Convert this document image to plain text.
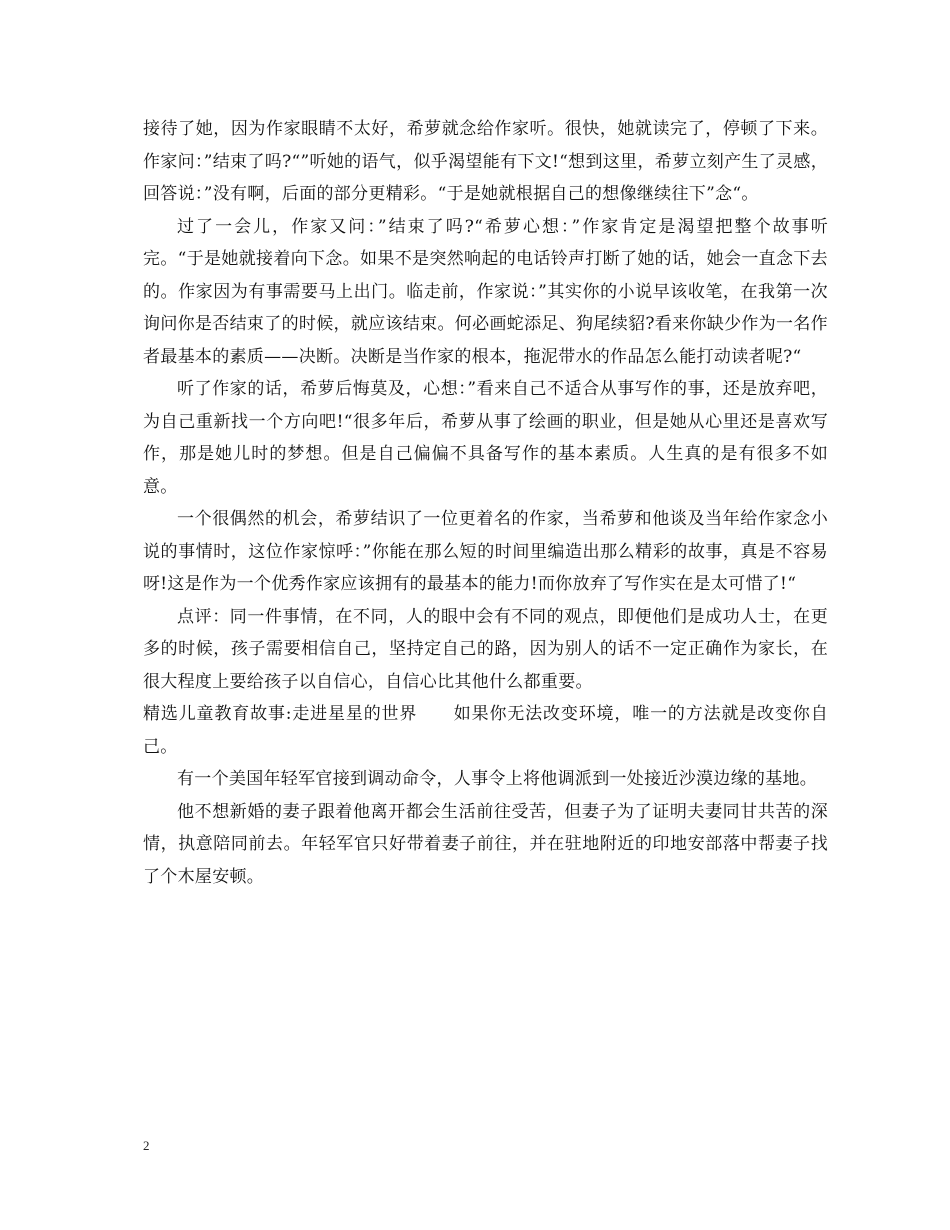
接待了她，因为作家眼睛不太好，希萝就念给作家听。很快，她就读完了，停顿了下来。作家问：”结束了吗?“”听她的语气，似乎渴望能有下文!“想到这里，希萝立刻产生了灵感，回答说：”没有啊，后面的部分更精彩。“于是她就根据自己的想像继续往下”念“。

过了一会儿，作家又问：”结束了吗?“希萝心想：”作家肯定是渴望把整个故事听完。“于是她就接着向下念。如果不是突然响起的电话铃声打断了她的话，她会一直念下去的。作家因为有事需要马上出门。临走前，作家说：”其实你的小说早该收笔，在我第一次询问你是否结束了的时候，就应该结束。何必画蛇添足、狗尾续貂?看来你缺少作为一名作者最基本的素质——决断。决断是当作家的根本，拖泥带水的作品怎么能打动读者呢?“

听了作家的话，希萝后悔莫及，心想：”看来自己不适合从事写作的事，还是放弃吧，为自己重新找一个方向吧!“很多年后，希萝从事了绘画的职业，但是她从心里还是喜欢写作，那是她儿时的梦想。但是自己偏偏不具备写作的基本素质。人生真的是有很多不如意。

一个很偶然的机会，希萝结识了一位更着名的作家，当希萝和他谈及当年给作家念小说的事情时，这位作家惊呼：”你能在那么短的时间里编造出那么精彩的故事，真是不容易呀!这是作为一个优秀作家应该拥有的最基本的能力!而你放弃了写作实在是太可惜了!“

点评：同一件事情，在不同，人的眼中会有不同的观点，即便他们是成功人士，在更多的时候，孩子需要相信自己，坚持定自己的路，因为别人的话不一定正确作为家长，在很大程度上要给孩子以自信心，自信心比其他什么都重要。

精选儿童教育故事:走进星星的世界 如果你无法改变环境，唯一的方法就是改变你自己。

有一个美国年轻军官接到调动命令，人事令上将他调派到一处接近沙漠边缘的基地。

他不想新婚的妻子跟着他离开都会生活前往受苦，但妻子为了证明夫妻同甘共苦的深情，执意陪同前去。年轻军官只好带着妻子前往，并在驻地附近的印地安部落中帮妻子找了个木屋安顿。

2
